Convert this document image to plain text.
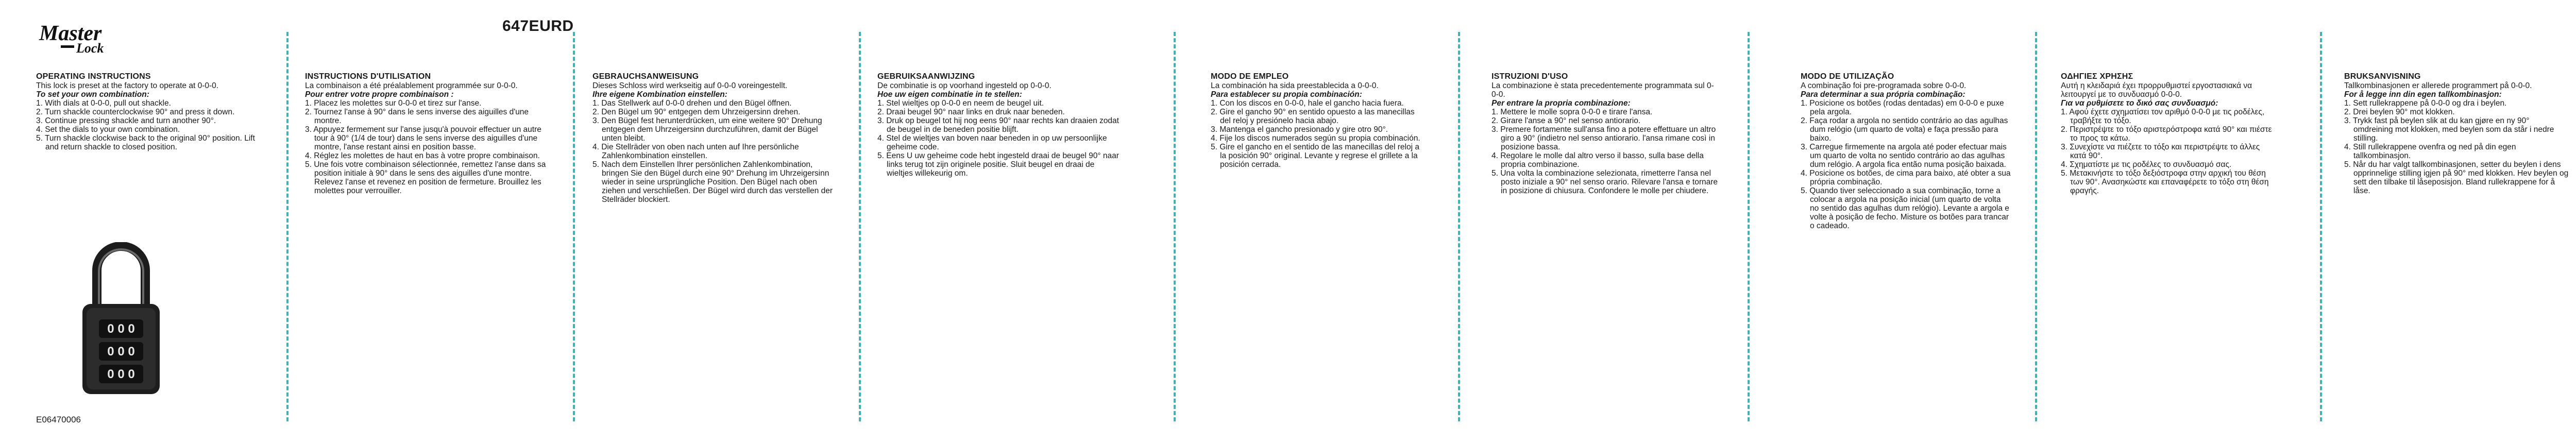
Master
Lock
647EURD
OPERATING INSTRUCTIONS

This lock is preset at the factory to operate at 0-0-0.

To set your own combination:

1. With dials at 0-0-0, pull out shackle.
2. Turn shackle counterclockwise 90° and press it down.
3. Continue pressing shackle and turn another 90°.
4. Set the dials to your own combination.
5. Turn shackle clockwise back to the original 90° position. Lift and return shackle to closed position.
INSTRUCTIONS D'UTILISATION

La combinaison a été préalablement programmée sur 0-0-0.

Pour entrer votre propre combinaison :

1. Placez les molettes sur 0-0-0 et tirez sur l'anse.
2. Tournez l'anse à 90° dans le sens inverse des aiguilles d'une montre.
3. Appuyez fermement sur l'anse jusqu'à pouvoir effectuer un autre tour à 90° (1/4 de tour) dans le sens inverse des aiguilles d'une montre, l'anse restant ainsi en position basse.
4. Réglez les molettes de haut en bas à votre propre combinaison.
5. Une fois votre combinaison sélectionnée, remettez l'anse dans sa position initiale à 90° dans le sens des aiguilles d'une montre. Relevez l'anse et revenez en position de fermeture. Brouillez les molettes pour verrouiller.
GEBRAUCHSANWEISUNG

Dieses Schloss wird werkseitig auf 0-0-0 voreingestellt.

Ihre eigene Kombination einstellen:

1. Das Stellwerk auf 0-0-0 drehen und den Bügel öffnen.
2. Den Bügel um 90° entgegen dem Uhrzeigersinn drehen.
3. Den Bügel fest herunterdrücken, um eine weitere 90° Drehung entgegen dem Uhrzeigersinn durchzuführen, damit der Bügel unten bleibt.
4. Die Stellräder von oben nach unten auf Ihre persönliche Zahlenkombination einstellen.
5. Nach dem Einstellen Ihrer persönlichen Zahlenkombination, bringen Sie den Bügel durch eine 90° Drehung im Uhrzeigersinn wieder in seine ursprüngliche Position. Den Bügel nach oben ziehen und verschließen. Der Bügel wird durch das verstellen der Stellräder blockiert.
GEBRUIKSAANWIJZING

De combinatie is op voorhand ingesteld op 0-0-0.

Hoe uw eigen combinatie in te stellen:

1. Stel wieltjes op 0-0-0 en neem de beugel uit.
2. Draai beugel 90° naar links en druk naar beneden.
3. Druk op beugel tot hij nog eens 90° naar rechts kan draaien zodat de beugel in de beneden positie blijft.
4. Stel de wieltjes van boven naar beneden in op uw persoonlijke geheime code.
5. Eens U uw geheime code hebt ingesteld draai de beugel 90° naar links terug tot zijn originele positie. Sluit beugel en draai de wieltjes willekeurig om.
MODO DE EMPLEO

La combinación ha sida preestablecida a 0-0-0.

Para establecer su propia combinación:

1. Con los discos en 0-0-0, hale el gancho hacia fuera.
2. Gire el gancho 90° en sentido opuesto a las manecillas del reloj y presiónelo hacia abajo.
3. Mantenga el gancho presionado y gire otro 90°.
4. Fije los discos numerados según su propia combinación.
5. Gire el gancho en el sentido de las manecillas del reloj a la posición 90° original. Levante y regrese el grillete a la posición cerrada.
ISTRUZIONI D'USO

La combinazione è stata precedentemente programmata sul 0-0-0.

Per entrare la propria combinazione:

1. Mettere le molle sopra 0-0-0 e tirare l'ansa.
2. Girare l'anse a 90° nel senso antiorario.
3. Premere fortamente sull'ansa fino a potere effettuare un altro giro a 90° (indietro nel senso antiorario. l'ansa rimane così in posizione bassa.
4. Regolare le molle dal altro verso il basso, sulla base della propria combinazione.
5. Una volta la combinazione selezionata, rimetterre l'ansa nel posto iniziale a 90° nel senso orario. Rilevare l'ansa e tornare in posizione di chiusura. Confondere le molle per chiudere.
MODO DE UTILIZAÇÃO

A combinação foi pre-programada sobre 0-0-0.

Para determinar a sua própria combinação:

1. Posicione os botões (rodas dentadas) em 0-0-0 e puxe pela argola.
2. Faça rodar a argola no sentido contrário ao das agulhas dum relógio (um quarto de volta) e faça pressão para baixo.
3. Carregue firmemente na argola até poder efectuar mais um quarto de volta no sentido contrário ao das agulhas dum relógio. A argola fica então numa posição baixada.
4. Posicione os botões, de cima para baixo, até obter a sua própria combinação.
5. Quando tiver seleccionado a sua combinação, torne a colocar a argola na posição inicial (um quarto de volta no sentido das agulhas dum relógio). Levante a argola e volte à posição de fecho. Misture os botões para trancar o cadeado.
ΟΔΗΓΙΕΣ ΧΡΗΣΗΣ

Αυτή η κλειδαριά έχει προρρυθμιστεί εργοστασιακά να λειτουργεί με το συνδυασμό 0-0-0.

Για να ρυθμίσετε το δικό σας συνδυασμό:

1. Αφού έχετε σχηματίσει τον αριθμό 0-0-0 με τις ροδέλες, τραβήξτε το τόξο.
2. Περιστρέψτε το τόξο αριστερόστροφα κατά 90° και πιέστε το προς τα κάτω.
3. Συνεχίστε να πιέζετε το τόξο και περιστρέψτε το άλλες κατά 90°.
4. Σχηματίστε με τις ροδέλες το συνδυασμό σας.
5. Μετακινήστε το τόξο δεξιόστροφα στην αρχική του θέση των 90°. Ανασηκώστε και επαναφέρετε το τόξο στη θέση φραγής.
BRUKSANVISNING

Tallkombinasjonen er allerede programmert på 0-0-0.

For å legge inn din egen tallkombinasjon:

1. Sett rullekrappene på 0-0-0 og dra i beylen.
2. Drei beylen 90° mot klokken.
3. Trykk fast på beylen slik at du kan gjøre en ny 90° omdreining mot klokken, med beylen som da står i nedre stilling.
4. Still rullekrappene ovenfra og ned på din egen tallkombinasjon.
5. Når du har valgt tallkombinasjonen, setter du beylen i dens opprinnelige stilling igjen på 90° med klokken. Hev beylen og sett den tilbake til låseposisjon. Bland rullekrappene for å låse.

0 0 0
0 0 0
0 0 0
E06470006
